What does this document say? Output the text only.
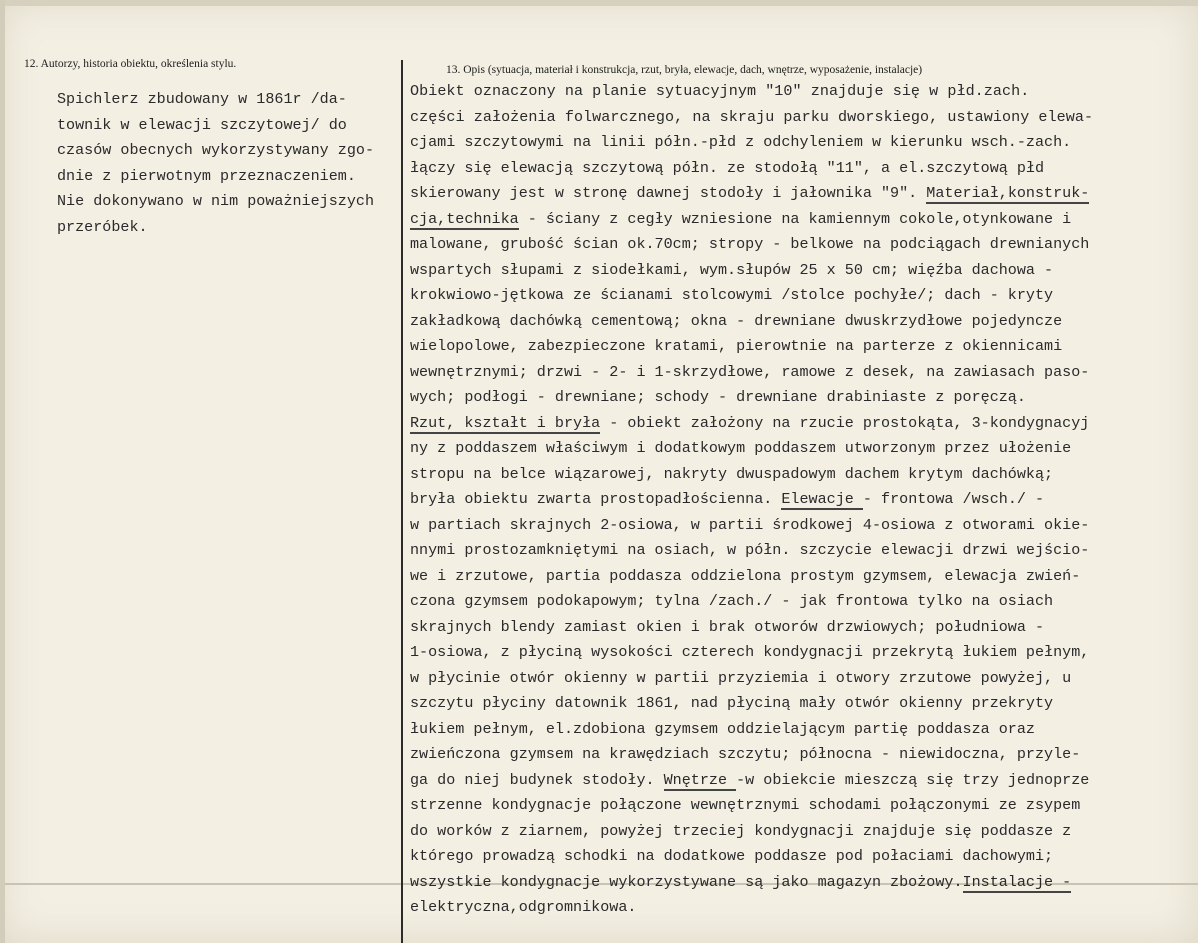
12. Autorzy, historia obiektu, określenia stylu.	13. Opis (sytuacja, materiał i konstrukcja, rzut, bryła, elewacje, dach, wnętrze, wyposażenie, instalacje)
Spichlerz zbudowany w 1861r /da-
townik w elewacji szczytowej/ do
czasów obecnych wykorzystywany zgo-
dnie z pierwotnym przeznaczeniem.
Nie dokonywano w nim poważniejszych
przeróbek.
Obiekt oznaczony na planie sytuacyjnym "10" znajduje się w płd.zach.
części założenia folwarcznego, na skraju parku dworskiego, ustawiony elewa-
cjami szczytowymi na linii półn.-płd z odchyleniem w kierunku wsch.-zach.
łączy się elewacją szczytową półn. ze stodołą "11", a el.szczytową płd
skierowany jest w stronę dawnej stodoły i jałownika "9". Materiał,konstruk-
cja,technika - ściany z cegły wzniesione na kamiennym cokole,otynkowane i
malowane, grubość ścian ok.70cm; stropy - belkowe na podciągach drewnianych
wspartych słupami z siodełkami, wym.słupów 25 x 50 cm; więźba dachowa -
krokwiowo-jętkowa ze ścianami stolcowymi /stolce pochyłe/; dach - kryty
zakładkową dachówką cementową; okna - drewniane dwuskrzydłowe pojedyncze
wielopolowe, zabezpieczone kratami, pierowtnie na parterze z okiennicami
wewnętrznymi; drzwi - 2- i 1-skrzydłowe, ramowe z desek, na zawiasach paso-
wych; podłogi - drewniane; schody - drewniane drabiniaste z poręczą.
Rzut, kształt i bryła - obiekt założony na rzucie prostokąta, 3-kondygnacyj
ny z poddaszem właściwym i dodatkowym poddaszem utworzonym przez ułożenie
stropu na belce wiązarowej, nakryty dwuspadowym dachem krytym dachówką;
bryła obiektu zwarta prostopadłościenna. Elewacje - frontowa /wsch./ -
w partiach skrajnych 2-osiowa, w partii środkowej 4-osiowa z otworami okie-
nnymi prostozamkniętymi na osiach, w półn. szczycie elewacji drzwi wejścio-
we i zrzutowe, partia poddasza oddzielona prostym gzymsem, elewacja zwień-
czona gzymsem podokapowym; tylna /zach./ - jak frontowa tylko na osiach
skrajnych blendy zamiast okien i brak otworów drzwiowych; południowa -
1-osiowa, z płyciną wysokości czterech kondygnacji przekrytą łukiem pełnym,
w płycinie otwór okienny w partii przyziemia i otwory zrzutowe powyżej, u
szczytu płyciny datownik 1861, nad płyciną mały otwór okienny przekryty
łukiem pełnym, el.zdobiona gzymsem oddzielającym partię poddasza oraz
zwieńczona gzymsem na krawędziach szczytu; północna - niewidoczna, przyle-
ga do niej budynek stodoły. Wnętrze -w obiekcie mieszczą się trzy jednoprze
strzenne kondygnacje połączone wewnętrznymi schodami połączonymi ze zsypem
do worków z ziarnem, powyżej trzeciej kondygnacji znajduje się poddasze z
którego prowadzą schodki na dodatkowe poddasze pod połaciami dachowymi;
wszystkie kondygnacje wykorzystywane są jako magazyn zbożowy.Instalacje -
elektryczna,odgromnikowa.
